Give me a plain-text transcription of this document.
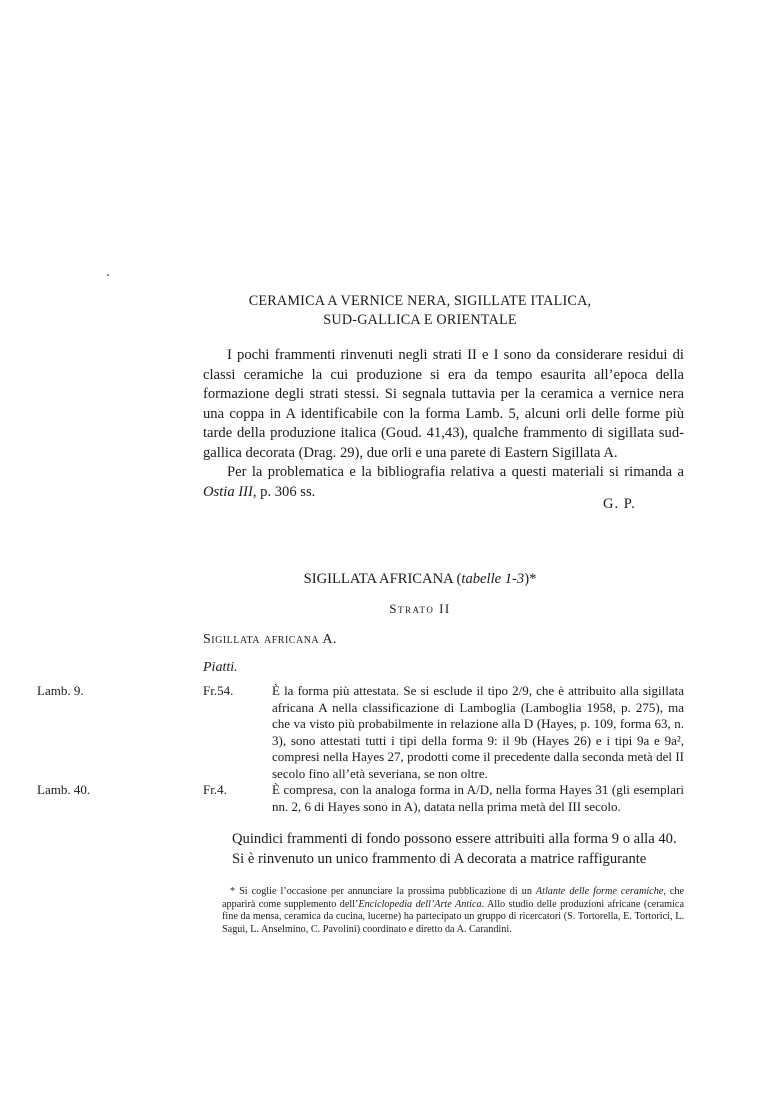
CERAMICA A VERNICE NERA, SIGILLATE ITALICA,
SUD-GALLICA E ORIENTALE

I pochi frammenti rinvenuti negli strati II e I sono da considerare residui di classi ceramiche la cui produzione si era da tempo esaurita all’epoca della formazione degli strati stessi. Si segnala tuttavia per la ceramica a vernice nera una coppa in A identificabile con la forma Lamb. 5, alcuni orli delle forme più tarde della produzione italica (Goud. 41,43), qualche frammento di sigillata sud-gallica decorata (Drag. 29), due orli e una parete di Eastern Sigillata A.

Per la problematica e la bibliografia relativa a questi materiali si rimanda a Ostia III, p. 306 ss.

G. P.
SIGILLATA AFRICANA (tabelle 1-3)*
Strato II
Sigillata africana A.
Piatti.
Lamb. 9.	Fr.54.	È la forma più attestata. Se si esclude il tipo 2/9, che è attribuito alla sigillata africana A nella classificazione di Lamboglia (Lamboglia 1958, p. 275), ma che va visto più probabilmente in relazione alla D (Hayes, p. 109, forma 63, n. 3), sono attestati tutti i tipi della forma 9: il 9b (Hayes 26) e i tipi 9a e 9a², compresi nella Hayes 27, prodotti come il precedente dalla seconda metà del II secolo fino all’età severiana, se non oltre.
Lamb. 40.	Fr.4.	È compresa, con la analoga forma in A/D, nella forma Hayes 31 (gli esemplari nn. 2, 6 di Hayes sono in A), datata nella prima metà del III secolo.

Quindici frammenti di fondo possono essere attribuiti alla forma 9 o alla 40.

Si è rinvenuto un unico frammento di A decorata a matrice raffigurante

* Si coglie l’occasione per annunciare la prossima pubblicazione di un Atlante delle forme ceramiche, che apparirà come supplemento dell’Enciclopedia dell’Arte Antica. Allo studio delle produzioni africane (ceramica fine da mensa, ceramica da cucina, lucerne) ha partecipato un gruppo di ricercatori (S. Tortorella, E. Tortorici, L. Saguì, L. Anselmino, C. Pavolini) coordinato e diretto da A. Carandini.
